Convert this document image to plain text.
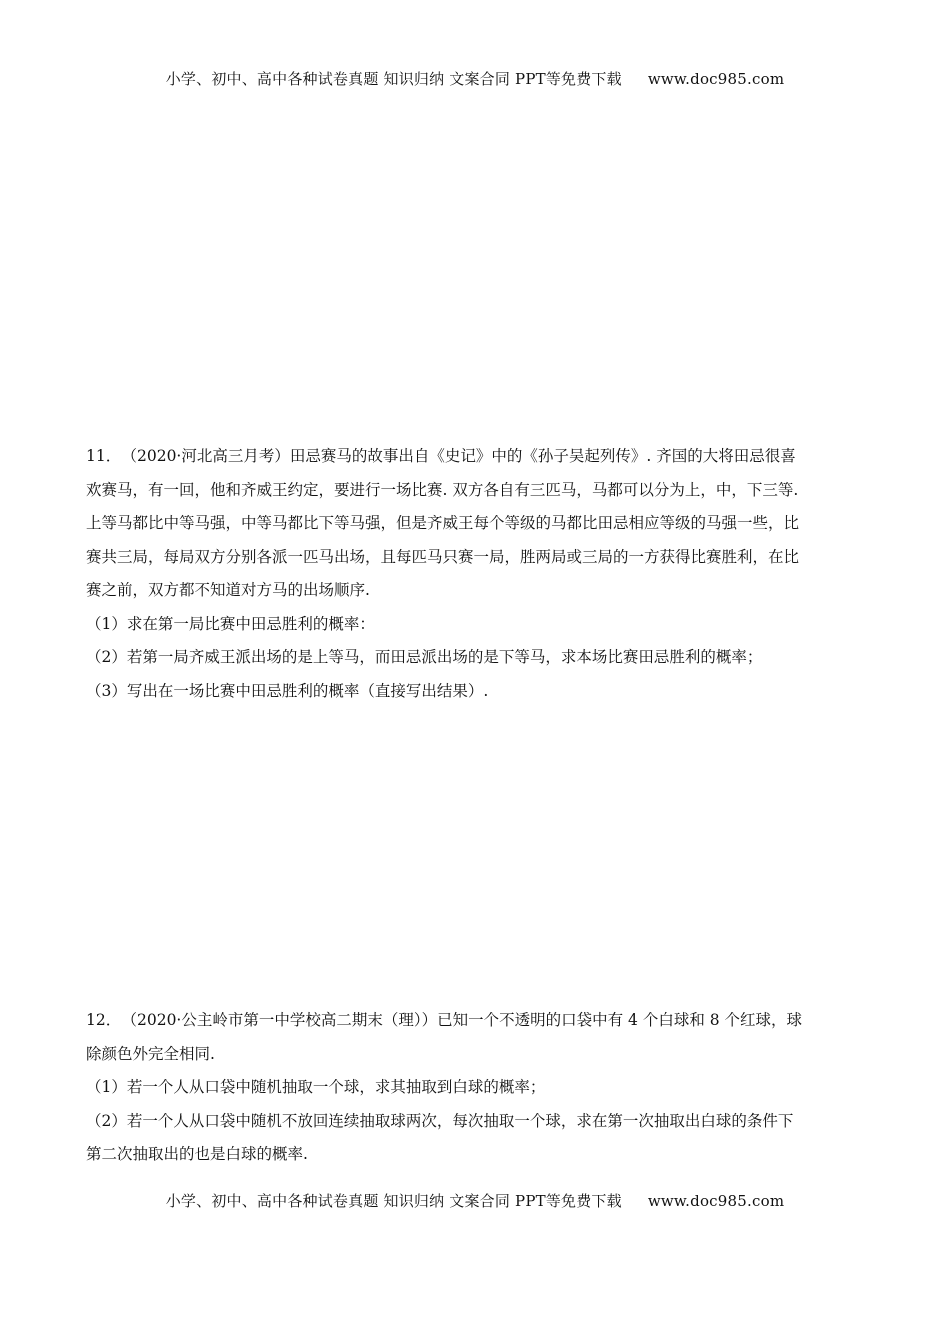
小学、初中、高中各种试卷真题 知识归纳 文案合同 PPT等免费下载 www.doc985.com
11． （2020·河北高三月考）田忌赛马的故事出自《史记》中的《孙子吴起列传》. 齐国的大将田忌很喜
欢赛马，有一回，他和齐威王约定，要进行一场比赛. 双方各自有三匹马，马都可以分为上，中，下三等.
上等马都比中等马强，中等马都比下等马强，但是齐威王每个等级的马都比田忌相应等级的马强一些，比
赛共三局，每局双方分别各派一匹马出场，且每匹马只赛一局，胜两局或三局的一方获得比赛胜利，在比
赛之前，双方都不知道对方马的出场顺序.
（1）求在第一局比赛中田忌胜利的概率：
（2）若第一局齐威王派出场的是上等马，而田忌派出场的是下等马，求本场比赛田忌胜利的概率；
（3）写出在一场比赛中田忌胜利的概率（直接写出结果）.
12． （2020·公主岭市第一中学校高二期末（理））已知一个不透明的口袋中有 4 个白球和 8 个红球，球
除颜色外完全相同.
（1）若一个人从口袋中随机抽取一个球，求其抽取到白球的概率；
（2）若一个人从口袋中随机不放回连续抽取球两次，每次抽取一个球，求在第一次抽取出白球的条件下
第二次抽取出的也是白球的概率.
小学、初中、高中各种试卷真题 知识归纳 文案合同 PPT等免费下载 www.doc985.com
